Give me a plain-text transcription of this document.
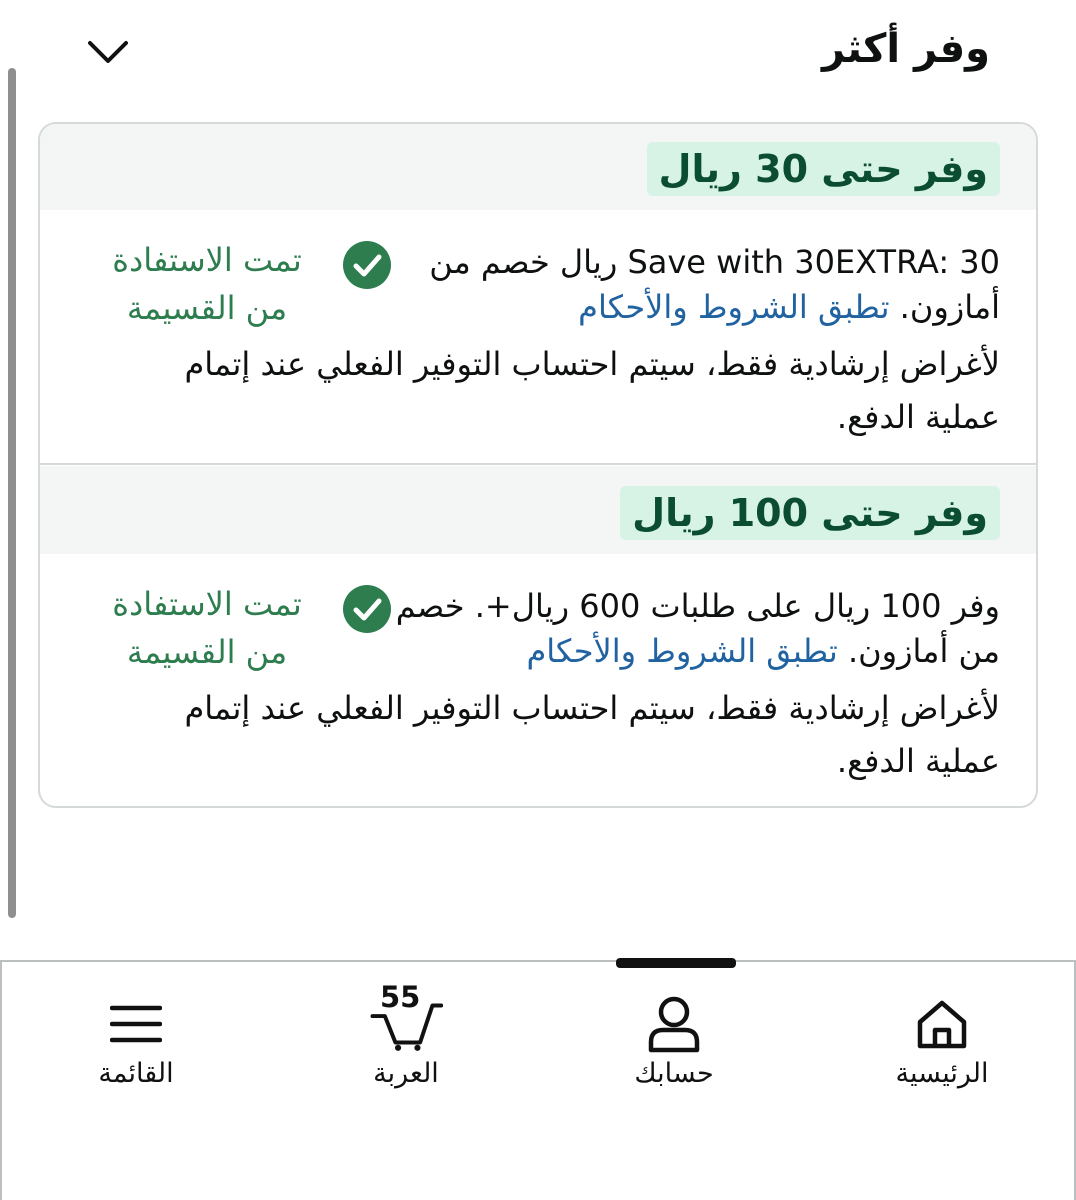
وفر أكثر
وفر حتى 30 ريال
Save with 30EXTRA: 30 ريال خصم من أمازون. تطبق الشروط والأحكام
تمت الاستفادة من القسيمة
لأغراض إرشادية فقط، سيتم احتساب التوفير الفعلي عند إتمام عملية الدفع.
وفر حتى 100 ريال
وفر 100 ريال على طلبات 600 ريال+. خصم من أمازون. تطبق الشروط والأحكام
تمت الاستفادة من القسيمة
لأغراض إرشادية فقط، سيتم احتساب التوفير الفعلي عند إتمام عملية الدفع.
الرئيسية
حسابك
العربة
55
القائمة
